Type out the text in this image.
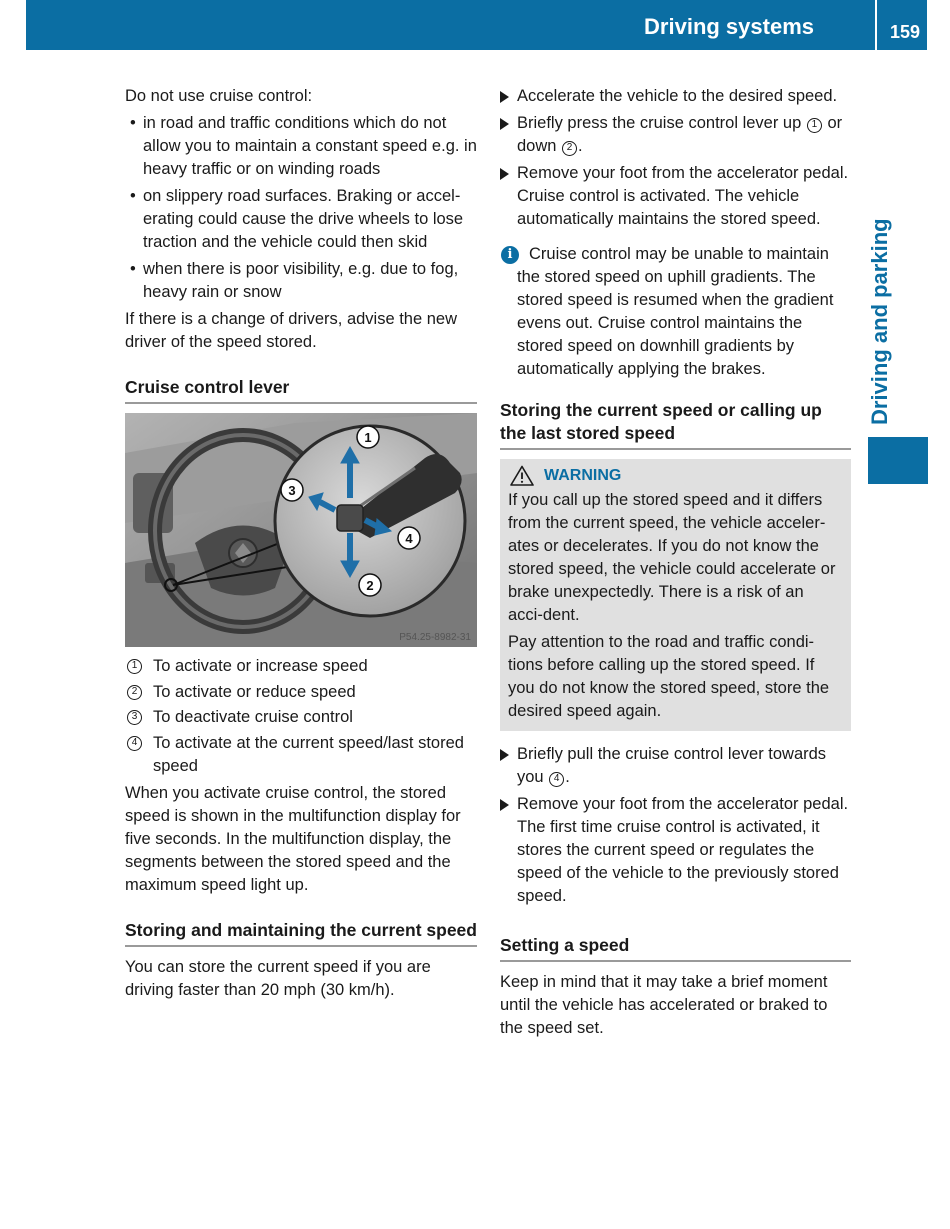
Driving systems	159
Driving and parking

Do not use cruise control:

• in road and traffic conditions which do not allow you to maintain a constant speed e.g. in heavy traffic or on winding roads
• on slippery road surfaces. Braking or accel-erating could cause the drive wheels to lose traction and the vehicle could then skid
• when there is poor visibility, e.g. due to fog, heavy rain or snow

If there is a change of drivers, advise the new driver of the speed stored.

Cruise control lever
1
2
3
4
P54.25-8982-31
1 To activate or increase speed
2 To activate or reduce speed
3 To deactivate cruise control
4 To activate at the current speed/last stored speed

When you activate cruise control, the stored speed is shown in the multifunction display for five seconds. In the multifunction display, the segments between the stored speed and the maximum speed light up.

Storing and maintaining the current speed

You can store the current speed if you are driving faster than 20 mph (30 km/h).

Accelerate the vehicle to the desired speed.
Briefly press the cruise control lever up 1 or down 2 .
Remove your foot from the accelerator pedal.
Cruise control is activated. The vehicle automatically maintains the stored speed.
i	Cruise control may be unable to maintain
the stored speed on uphill gradients. The stored speed is resumed when the gradient evens out. Cruise control maintains the stored speed on downhill gradients by automatically applying the brakes.
Storing the current speed or calling up the last stored speed
WARNING

If you call up the stored speed and it differs from the current speed, the vehicle acceler-ates or decelerates. If you do not know the stored speed, the vehicle could accelerate or brake unexpectedly. There is a risk of an acci-dent.

Pay attention to the road and traffic condi-tions before calling up the stored speed. If you do not know the stored speed, store the desired speed again.

Briefly pull the cruise control lever towards you 4 .
Remove your foot from the accelerator pedal.
The first time cruise control is activated, it stores the current speed or regulates the speed of the vehicle to the previously stored speed.
Setting a speed

Keep in mind that it may take a brief moment until the vehicle has accelerated or braked to the speed set.
